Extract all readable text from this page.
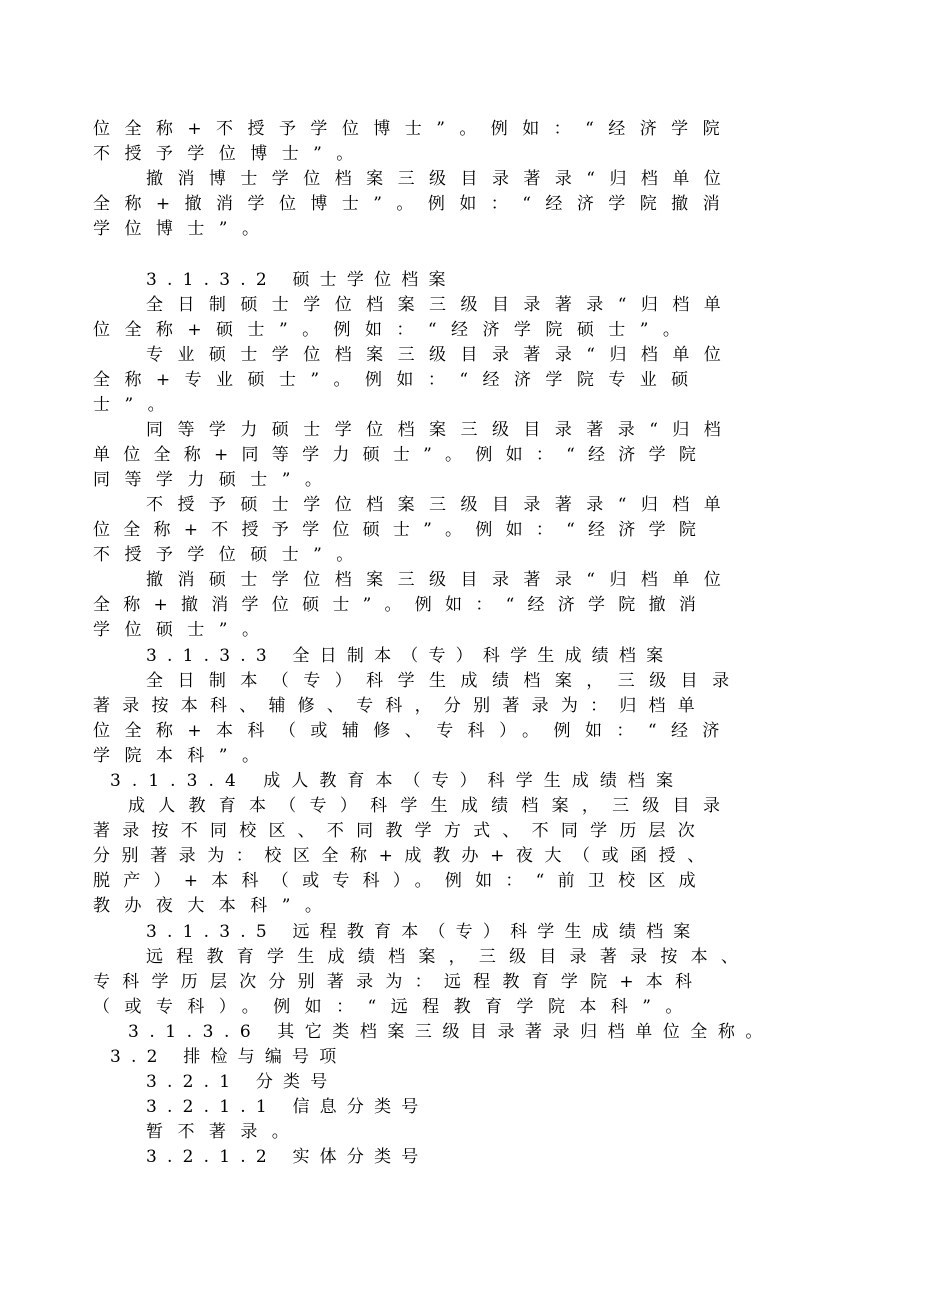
位全称+不授予学位博士”。例如：“经济学院
不授予学位博士”。
撤消博士学位档案三级目录著录“归档单位
全称+撤消学位博士”。例如：“经济学院撤消
学位博士”。
3.1.3.2 硕士学位档案
全日制硕士学位档案三级目录著录“归档单
位全称+硕士”。例如：“经济学院硕士”。
专业硕士学位档案三级目录著录“归档单位
全称+专业硕士”。例如：“经济学院专业硕
士”。
同等学力硕士学位档案三级目录著录“归档
单位全称+同等学力硕士”。例如：“经济学院
同等学力硕士”。
不授予硕士学位档案三级目录著录“归档单
位全称+不授予学位硕士”。例如：“经济学院
不授予学位硕士”。
撤消硕士学位档案三级目录著录“归档单位
全称+撤消学位硕士”。例如：“经济学院撤消
学位硕士”。
3.1.3.3 全日制本（专）科学生成绩档案
全日制本（专）科学生成绩档案，三级目录
著录按本科、辅修、专科，分别著录为：归档单
位全称+本科（或辅修、专科）。例如：“经济
学院本科”。
3.1.3.4 成人教育本（专）科学生成绩档案
成人教育本（专）科学生成绩档案，三级目录
著录按不同校区、不同教学方式、不同学历层次
分别著录为：校区全称+成教办+夜大（或函授、
脱产）+本科（或专科）。例如：“前卫校区成
教办夜大本科”。
3.1.3.5 远程教育本（专）科学生成绩档案
远程教育学生成绩档案，三级目录著录按本、
专科学历层次分别著录为：远程教育学院+本科
（或专科）。例如：“远程教育学院本科”。
3.1.3.6 其它类档案三级目录著录归档单位全称。
3.2 排检与编号项
3.2.1 分类号
3.2.1.1 信息分类号
暂不著录。
3.2.1.2 实体分类号
